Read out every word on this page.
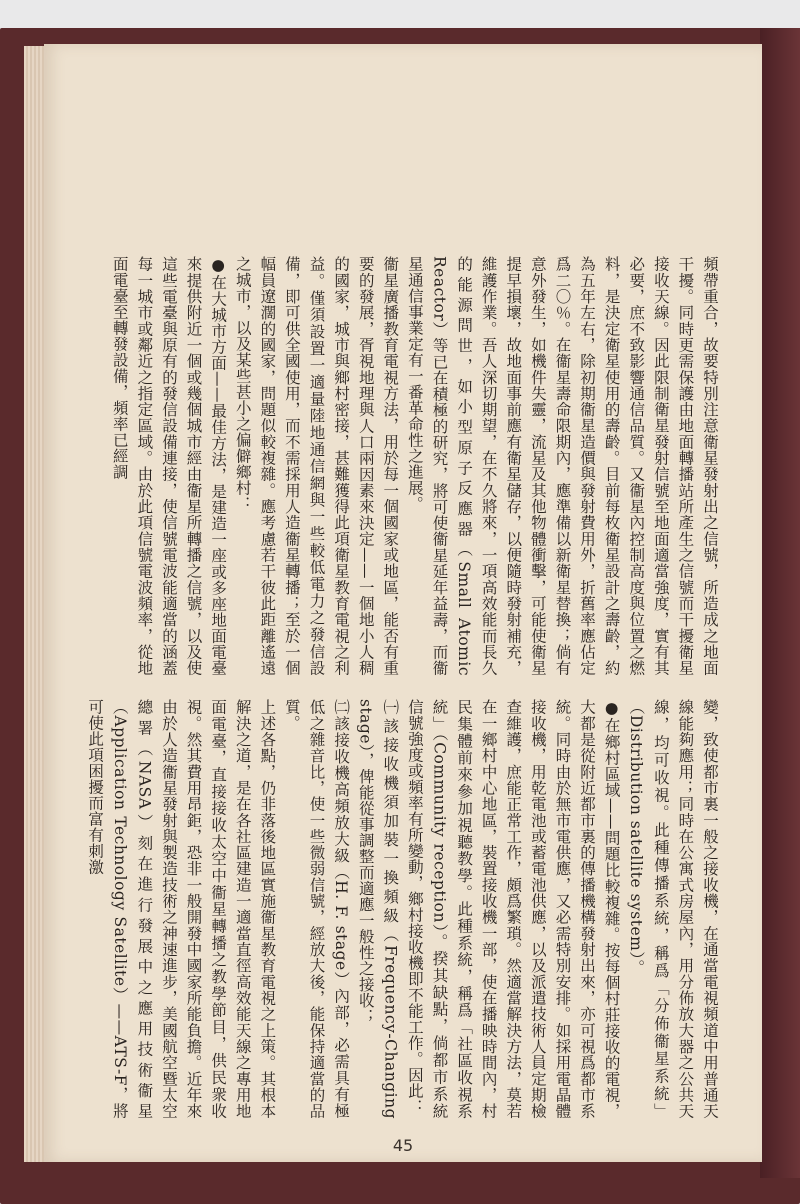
頻帶重合，故要特別注意衛星發射出之信號，所造成之地面干擾。同時更需保護由地面轉播站所產生之信號而干擾衛星接收天線。因此限制衛星發射信號至地面適當強度，實有其必要，庶不致影響通信品質。又衞星內控制高度與位置之燃料，是決定衛星使用的壽齡。目前每枚衛星設計之壽齡，約為五年左右，除初期衞星造價與發射費用外，折舊率應佔定爲二〇％。在衞星壽命限期內，應準備以新衛星替換；倘有意外發生，如機件失靈，流星及其他物體衝擊，可能使衛星提早損壞，故地面事前應有衛星儲存，以便隨時發射補充，維護作業。吾人深切期望，在不久將來，一項高效能而長久的能源問世，如小型原子反應器（Small Atomic Reactor）等已在積極的研究，將可使衞星延年益壽，而衞星通信事業定有一番革命性之進展。

衞星廣播教育電視方法，用於每一個國家或地區，能否有重要的發展，胥視地理與人口兩因素來決定——一個地小人稠的國家，城市與鄉村密接，甚難獲得此項衛星教育電視之利益。僅須設置一適量陸地通信網與一些較低電力之發信設備，即可供全國使用，而不需採用人造衞星轉播；至於一個幅員遼濶的國家，問題似較複雜。應考慮若干彼此距離遙遠之城市，以及某些甚小之偏僻鄉村：

●在大城市方面——最佳方法，是建造一座或多座地面電臺來提供附近一個或幾個城市經由衞星所轉播之信號，以及使這些電臺與原有的發信設備連接，使信號電波能適當的涵蓋每一城市或鄰近之指定區域。由於此項信號電波頻率，從地面電臺至轉發設備，頻率已經調

變，致使都市裏一般之接收機，在通當電視頻道中用普通天線能夠應用；同時在公寓式房屋內，用分佈放大器之公共天線，均可收視。此種傳播系統，稱爲「分佈衞星系統」（Distribution satellite system）。

●在鄉村區域——問題比較複雜。按每個村莊接收的電視，大都是從附近都市裏的傳播機構發射出來，亦可視爲都市系統。同時由於無市電供應，又必需特別安排。如採用電晶體接收機，用乾電池或蓄電池供應，以及派遣技術人員定期檢查維護，庶能正常工作，頗爲繁瑣。然適當解決方法，莫若在一鄉村中心地區，裝置接收機一部，使在播映時間內，村民集體前來參加視聽教學。此種系統，稱爲「社區收視系統」（Community reception）。揆其缺點，倘都市系統信號強度或頻率有所變動，鄉村接收機即不能工作。因此：

㈠該接收機須加裝一換頻級（Frequency-Changing stage），俾能從事調整而適應一般性之接收；

㈡該接收機高頻放大級（H. F. stage）內部，必需具有極低之雜音比，使一些微弱信號，經放大後，能保持適當的品質。

上述各點，仍非落後地區實施衞星教育電視之上策。其根本解決之道，是在各社區建造一適當直徑高效能天線之專用地面電臺，直接接收太空中衞星轉播之教學節目，供民衆收視。然其費用昂鉅，恐非一般開發中國家所能負擔。近年來由於人造衞星發射與製造技術之神速進步，美國航空暨太空總署（NASA）刻在進行發展中之應用技術衞星（Application Technology Satellite）——ATS-F，將可使此項困擾而富有刺激

45
